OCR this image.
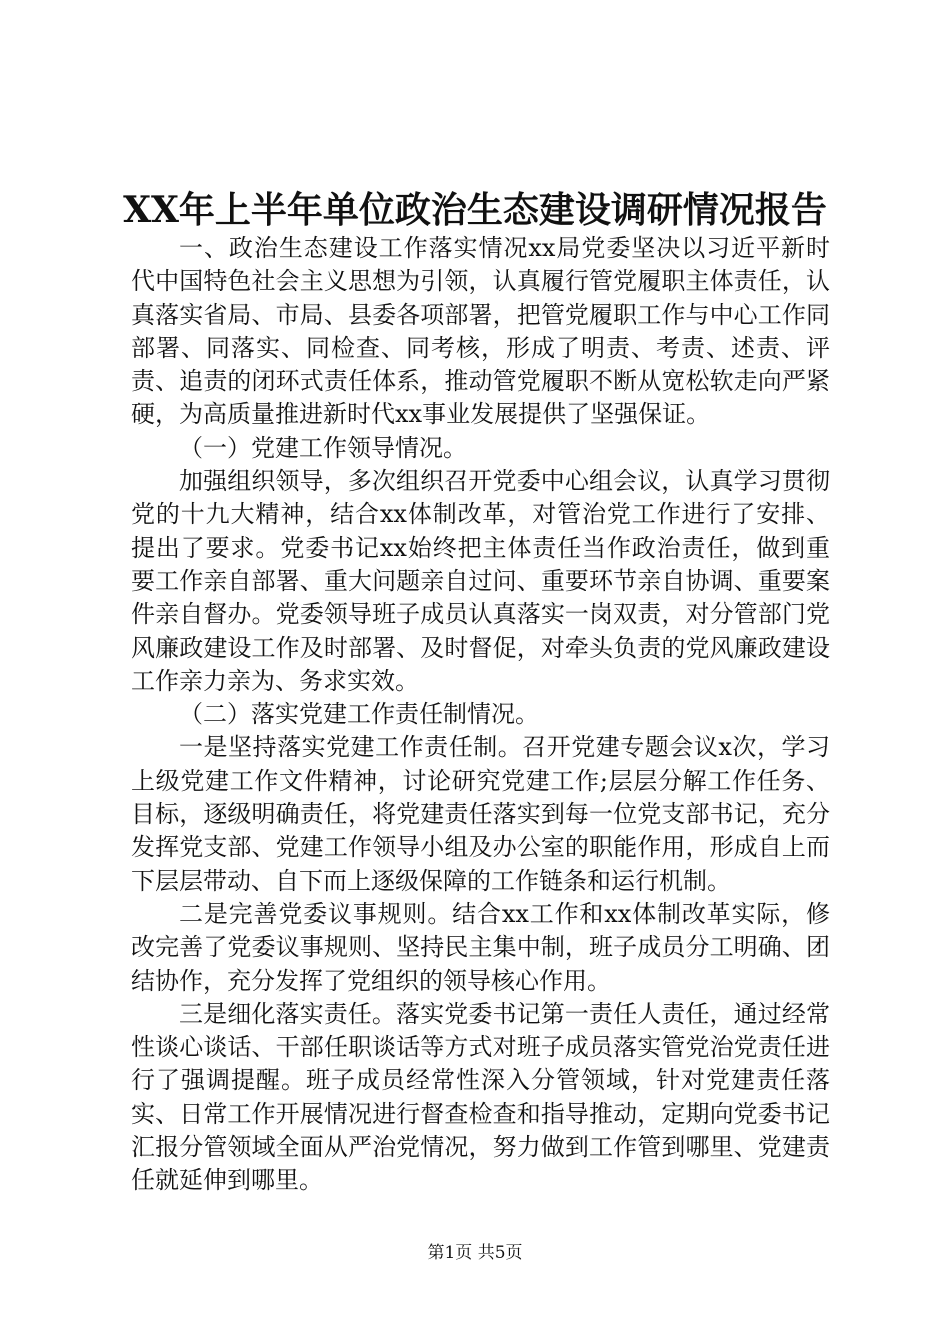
XX年上半年单位政治生态建设调研情况报告

一、政治生态建设工作落实情况xx局党委坚决以习近平新时代中国特色社会主义思想为引领，认真履行管党履职主体责任，认真落实省局、市局、县委各项部署，把管党履职工作与中心工作同部署、同落实、同检查、同考核，形成了明责、考责、述责、评责、追责的闭环式责任体系，推动管党履职不断从宽松软走向严紧硬，为高质量推进新时代xx事业发展提供了坚强保证。

（一）党建工作领导情况。

加强组织领导，多次组织召开党委中心组会议，认真学习贯彻党的十九大精神，结合xx体制改革，对管治党工作进行了安排、提出了要求。党委书记xx始终把主体责任当作政治责任，做到重要工作亲自部署、重大问题亲自过问、重要环节亲自协调、重要案件亲自督办。党委领导班子成员认真落实一岗双责，对分管部门党风廉政建设工作及时部署、及时督促，对牵头负责的党风廉政建设工作亲力亲为、务求实效。

（二）落实党建工作责任制情况。

一是坚持落实党建工作责任制。召开党建专题会议x次，学习上级党建工作文件精神，讨论研究党建工作;层层分解工作任务、目标，逐级明确责任，将党建责任落实到每一位党支部书记，充分发挥党支部、党建工作领导小组及办公室的职能作用，形成自上而下层层带动、自下而上逐级保障的工作链条和运行机制。

二是完善党委议事规则。结合xx工作和xx体制改革实际，修改完善了党委议事规则、坚持民主集中制，班子成员分工明确、团结协作，充分发挥了党组织的领导核心作用。

三是细化落实责任。落实党委书记第一责任人责任，通过经常性谈心谈话、干部任职谈话等方式对班子成员落实管党治党责任进行了强调提醒。班子成员经常性深入分管领域，针对党建责任落实、日常工作开展情况进行督查检查和指导推动，定期向党委书记汇报分管领域全面从严治党情况，努力做到工作管到哪里、党建责任就延伸到哪里。

第1页 共5页
